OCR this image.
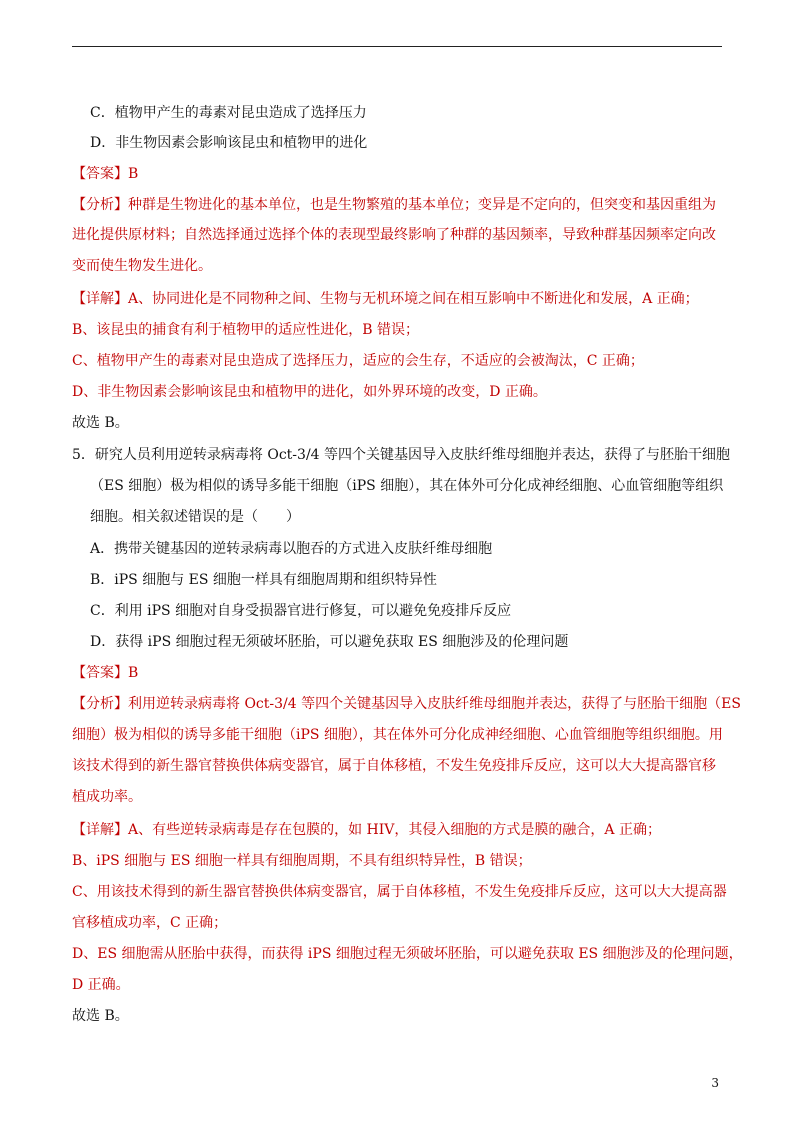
C．植物甲产生的毒素对昆虫造成了选择压力
D．非生物因素会影响该昆虫和植物甲的进化
【答案】B
【分析】种群是生物进化的基本单位，也是生物繁殖的基本单位；变异是不定向的，但突变和基因重组为
进化提供原材料；自然选择通过选择个体的表现型最终影响了种群的基因频率，导致种群基因频率定向改
变而使生物发生进化。
【详解】A、协同进化是不同物种之间、生物与无机环境之间在相互影响中不断进化和发展，A 正确；
B、该昆虫的捕食有利于植物甲的适应性进化，B 错误；
C、植物甲产生的毒素对昆虫造成了选择压力，适应的会生存，不适应的会被淘汰，C 正确；
D、非生物因素会影响该昆虫和植物甲的进化，如外界环境的改变，D 正确。
故选 B。
5．研究人员利用逆转录病毒将 Oct-3/4 等四个关键基因导入皮肤纤维母细胞并表达，获得了与胚胎干细胞
（ES 细胞）极为相似的诱导多能干细胞（iPS 细胞），其在体外可分化成神经细胞、心血管细胞等组织
细胞。相关叙述错误的是（　　）
A．携带关键基因的逆转录病毒以胞吞的方式进入皮肤纤维母细胞
B．iPS 细胞与 ES 细胞一样具有细胞周期和组织特异性
C．利用 iPS 细胞对自身受损器官进行修复，可以避免免疫排斥反应
D．获得 iPS 细胞过程无须破坏胚胎，可以避免获取 ES 细胞涉及的伦理问题
【答案】B
【分析】利用逆转录病毒将 Oct-3/4 等四个关键基因导入皮肤纤维母细胞并表达，获得了与胚胎干细胞（ES
细胞）极为相似的诱导多能干细胞（iPS 细胞），其在体外可分化成神经细胞、心血管细胞等组织细胞。用
该技术得到的新生器官替换供体病变器官，属于自体移植，不发生免疫排斥反应，这可以大大提高器官移
植成功率。
【详解】A、有些逆转录病毒是存在包膜的，如 HIV，其侵入细胞的方式是膜的融合，A 正确；
B、iPS 细胞与 ES 细胞一样具有细胞周期，不具有组织特异性，B 错误；
C、用该技术得到的新生器官替换供体病变器官，属于自体移植，不发生免疫排斥反应，这可以大大提高器
官移植成功率，C 正确；
D、ES 细胞需从胚胎中获得，而获得 iPS 细胞过程无须破坏胚胎，可以避免获取 ES 细胞涉及的伦理问题，
D 正确。
故选 B。
3
